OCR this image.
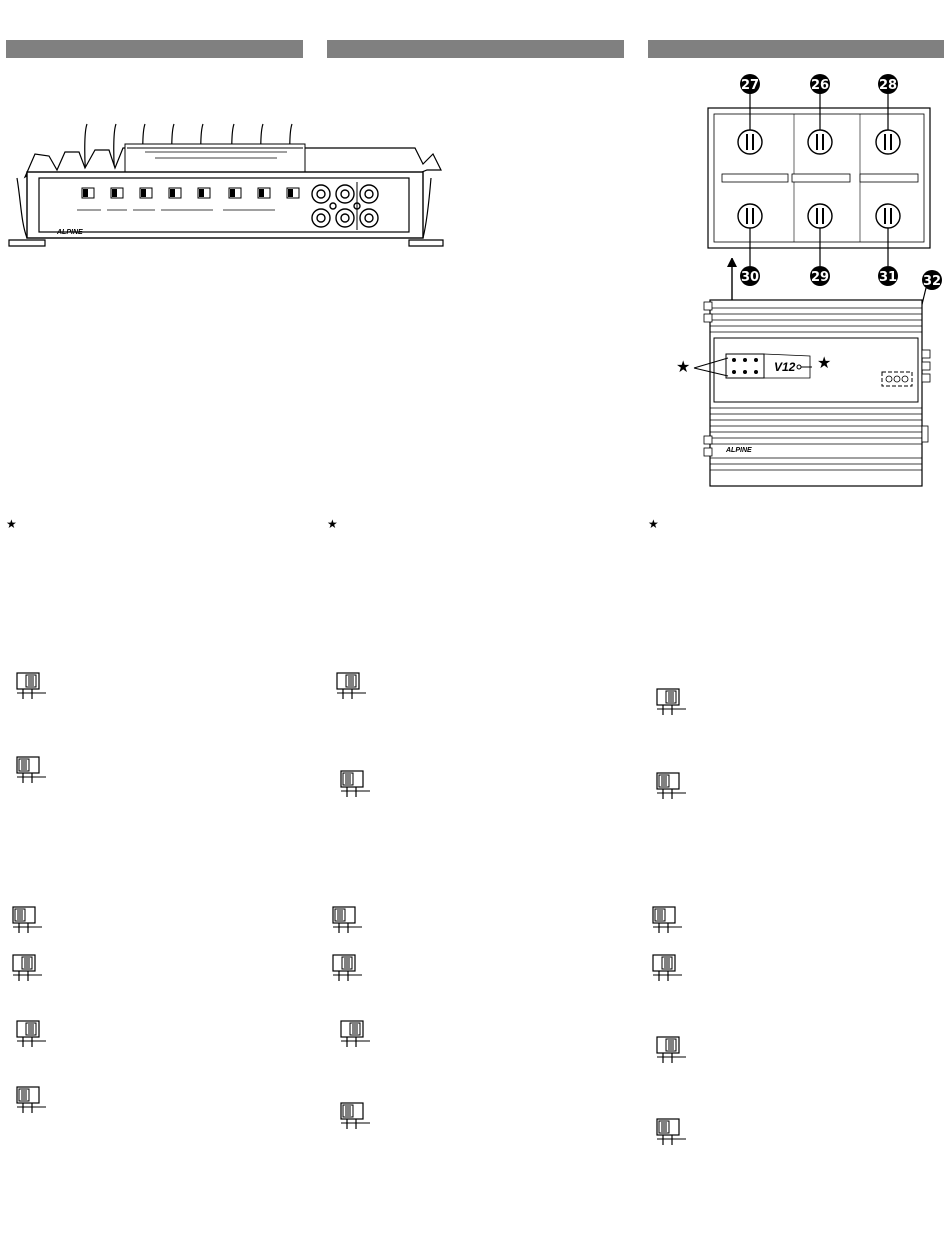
ALPINE
27	26	28
30	29	31 32
V12
ALPINE
★	★
★	★	★
